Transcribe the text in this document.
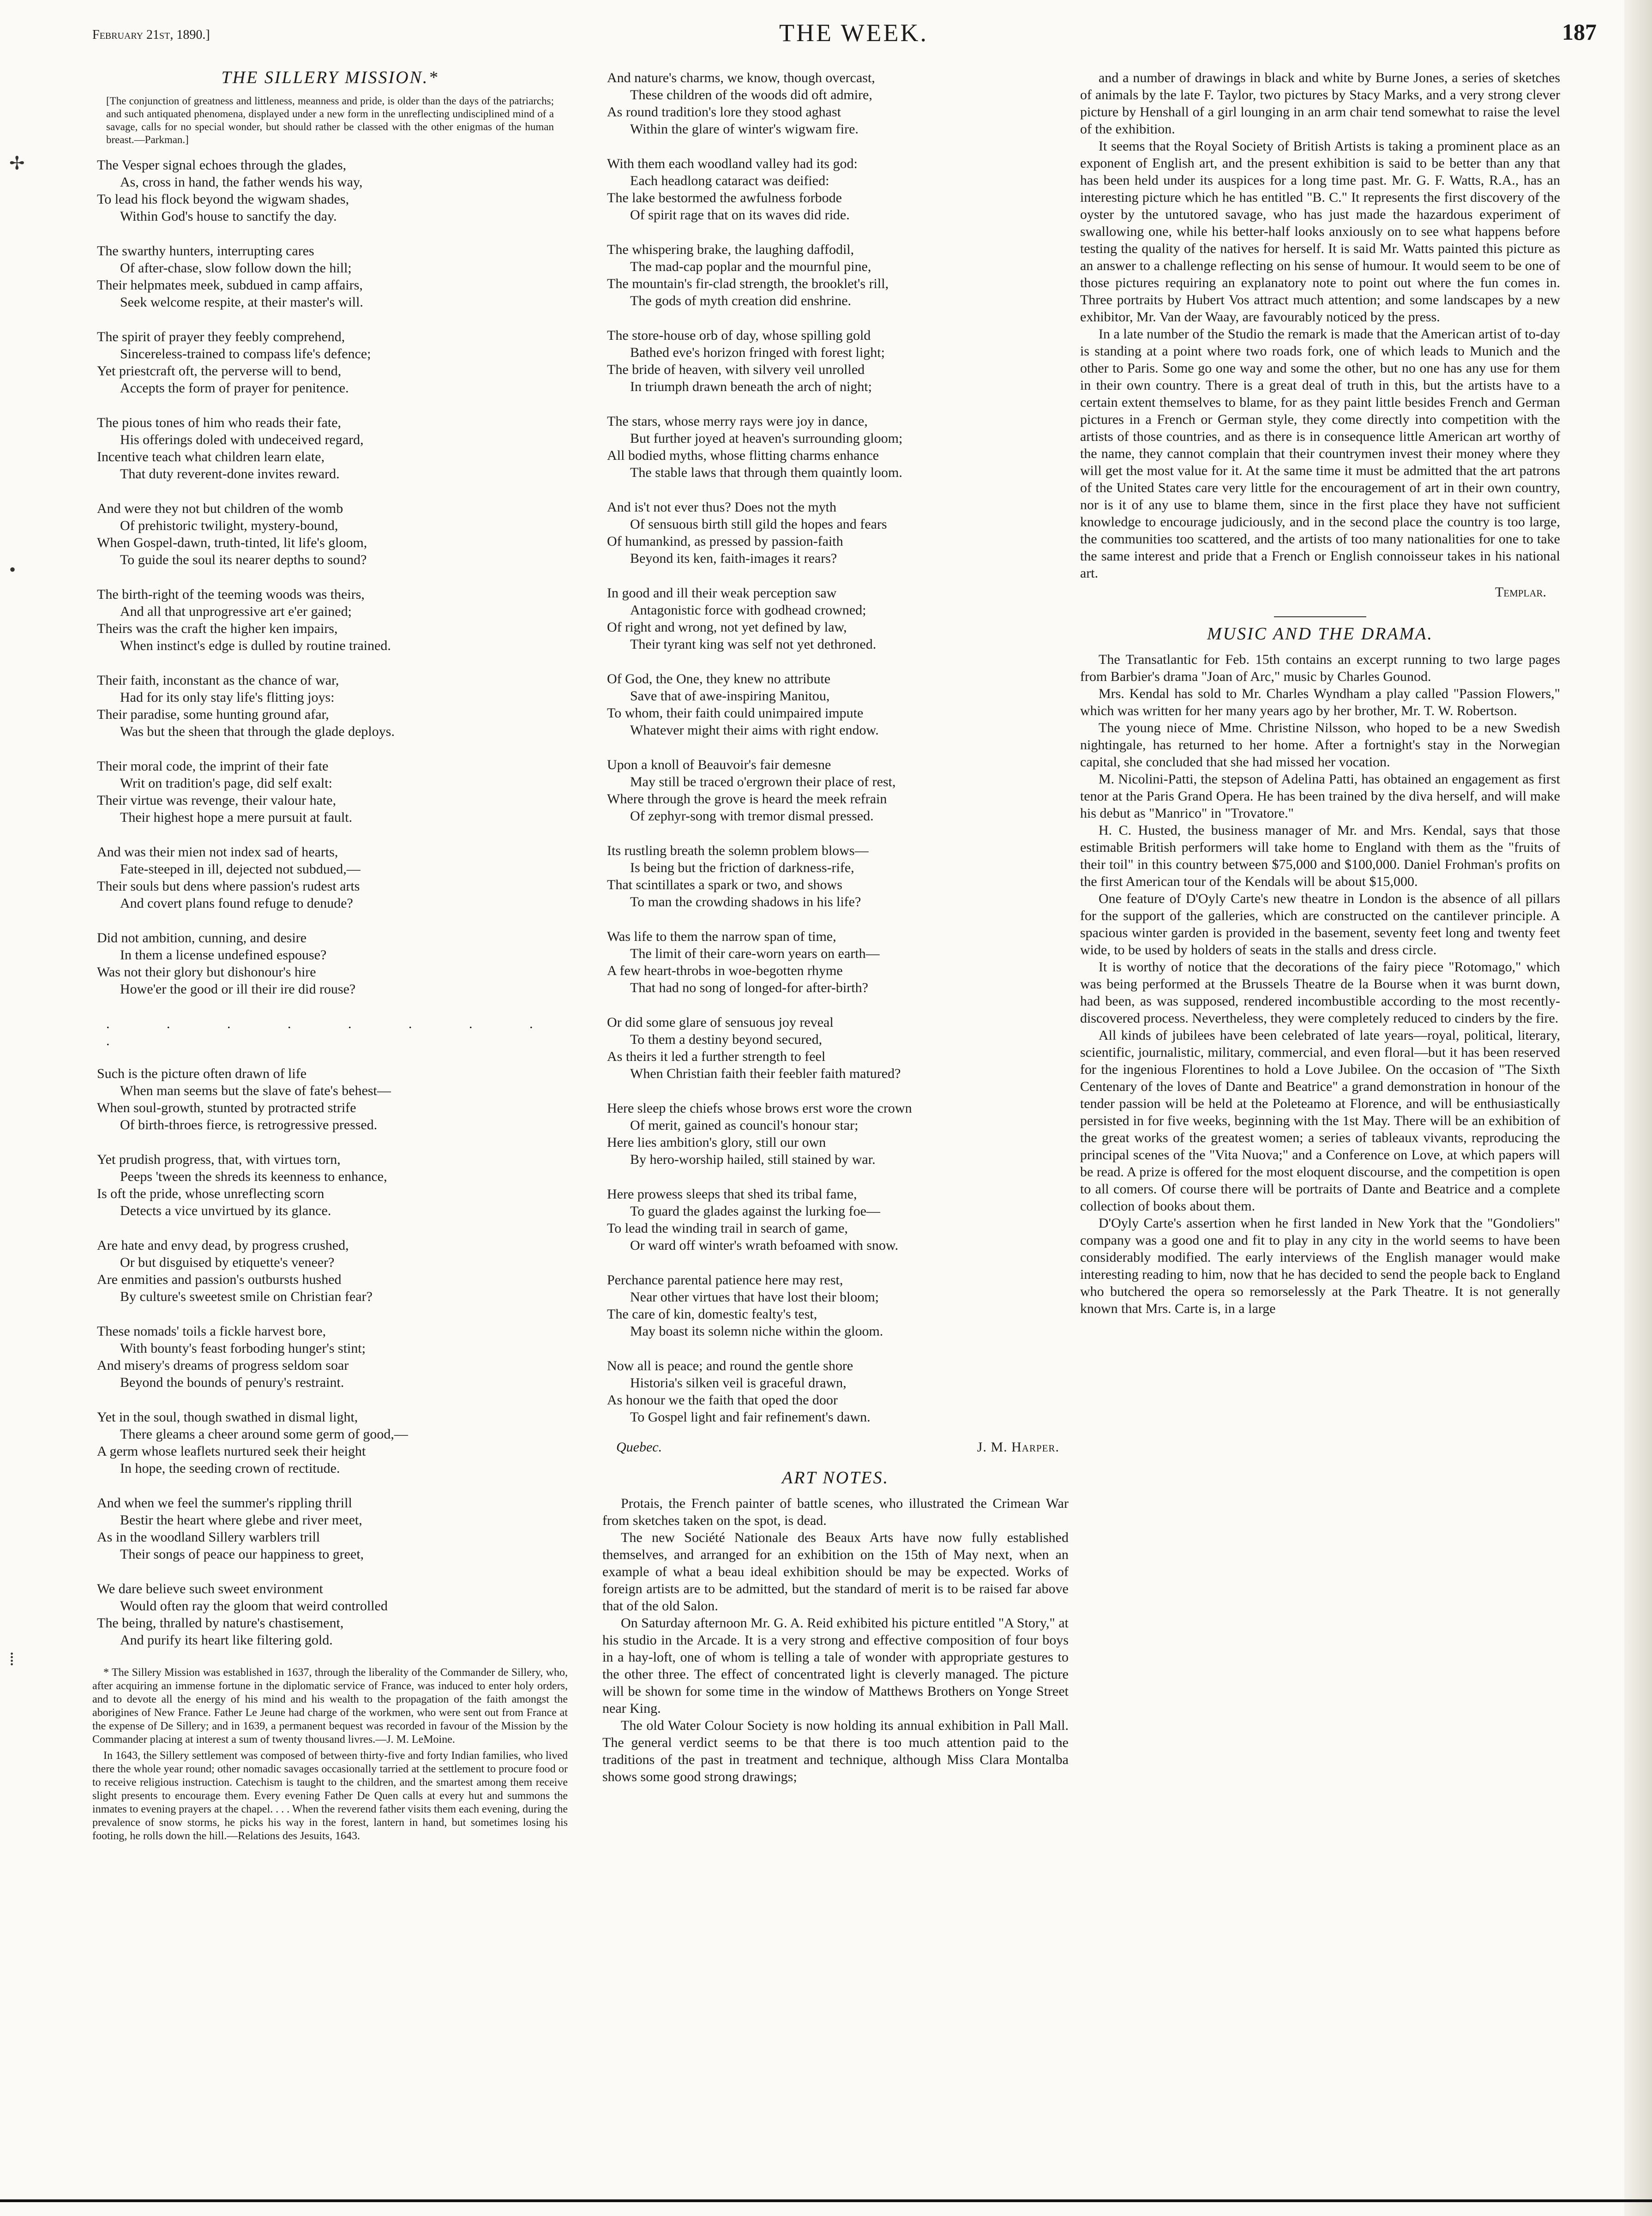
February 21st, 1890.]	THE WEEK.	187
✢
•
⁞
THE SILLERY MISSION.*
[The conjunction of greatness and littleness, meanness and pride, is older than the days of the patriarchs; and such antiquated phenomena, displayed under a new form in the unreflecting undisciplined mind of a savage, calls for no special wonder, but should rather be classed with the other enigmas of the human breast.—Parkman.]
The Vesper signal echoes through the glades,
As, cross in hand, the father wends his way,
To lead his flock beyond the wigwam shades,
Within God's house to sanctify the day.
The swarthy hunters, interrupting cares
Of after-chase, slow follow down the hill;
Their helpmates meek, subdued in camp affairs,
Seek welcome respite, at their master's will.
The spirit of prayer they feebly comprehend,
Sincereless-trained to compass life's defence;
Yet priestcraft oft, the perverse will to bend,
Accepts the form of prayer for penitence.
The pious tones of him who reads their fate,
His offerings doled with undeceived regard,
Incentive teach what children learn elate,
That duty reverent-done invites reward.
And were they not but children of the womb
Of prehistoric twilight, mystery-bound,
When Gospel-dawn, truth-tinted, lit life's gloom,
To guide the soul its nearer depths to sound?
The birth-right of the teeming woods was theirs,
And all that unprogressive art e'er gained;
Theirs was the craft the higher ken impairs,
When instinct's edge is dulled by routine trained.
Their faith, inconstant as the chance of war,
Had for its only stay life's flitting joys:
Their paradise, some hunting ground afar,
Was but the sheen that through the glade deploys.
Their moral code, the imprint of their fate
Writ on tradition's page, did self exalt:
Their virtue was revenge, their valour hate,
Their highest hope a mere pursuit at fault.
And was their mien not index sad of hearts,
Fate-steeped in ill, dejected not subdued,—
Their souls but dens where passion's rudest arts
And covert plans found refuge to denude?
Did not ambition, cunning, and desire
In them a license undefined espouse?
Was not their glory but dishonour's hire
Howe'er the good or ill their ire did rouse?
. . . . . . . . .
Such is the picture often drawn of life
When man seems but the slave of fate's behest—
When soul-growth, stunted by protracted strife
Of birth-throes fierce, is retrogressive pressed.
Yet prudish progress, that, with virtues torn,
Peeps 'tween the shreds its keenness to enhance,
Is oft the pride, whose unreflecting scorn
Detects a vice unvirtued by its glance.
Are hate and envy dead, by progress crushed,
Or but disguised by etiquette's veneer?
Are enmities and passion's outbursts hushed
By culture's sweetest smile on Christian fear?
These nomads' toils a fickle harvest bore,
With bounty's feast forboding hunger's stint;
And misery's dreams of progress seldom soar
Beyond the bounds of penury's restraint.
Yet in the soul, though swathed in dismal light,
There gleams a cheer around some germ of good,—
A germ whose leaflets nurtured seek their height
In hope, the seeding crown of rectitude.
And when we feel the summer's rippling thrill
Bestir the heart where glebe and river meet,
As in the woodland Sillery warblers trill
Their songs of peace our happiness to greet,
We dare believe such sweet environment
Would often ray the gloom that weird controlled
The being, thralled by nature's chastisement,
And purify its heart like filtering gold.

* The Sillery Mission was established in 1637, through the liberality of the Commander de Sillery, who, after acquiring an immense fortune in the diplomatic service of France, was induced to enter holy orders, and to devote all the energy of his mind and his wealth to the propagation of the faith amongst the aborigines of New France. Father Le Jeune had charge of the workmen, who were sent out from France at the expense of De Sillery; and in 1639, a permanent bequest was recorded in favour of the Mission by the Commander placing at interest a sum of twenty thousand livres.—J. M. LeMoine.

In 1643, the Sillery settlement was composed of between thirty-five and forty Indian families, who lived there the whole year round; other nomadic savages occasionally tarried at the settlement to procure food or to receive religious instruction. Catechism is taught to the children, and the smartest among them receive slight presents to encourage them. Every evening Father De Quen calls at every hut and summons the inmates to evening prayers at the chapel. . . . When the reverend father visits them each evening, during the prevalence of snow storms, he picks his way in the forest, lantern in hand, but sometimes losing his footing, he rolls down the hill.—Relations des Jesuits, 1643.

And nature's charms, we know, though overcast,
These children of the woods did oft admire,
As round tradition's lore they stood aghast
Within the glare of winter's wigwam fire.
With them each woodland valley had its god:
Each headlong cataract was deified:
The lake bestormed the awfulness forbode
Of spirit rage that on its waves did ride.
The whispering brake, the laughing daffodil,
The mad-cap poplar and the mournful pine,
The mountain's fir-clad strength, the brooklet's rill,
The gods of myth creation did enshrine.
The store-house orb of day, whose spilling gold
Bathed eve's horizon fringed with forest light;
The bride of heaven, with silvery veil unrolled
In triumph drawn beneath the arch of night;
The stars, whose merry rays were joy in dance,
But further joyed at heaven's surrounding gloom;
All bodied myths, whose flitting charms enhance
The stable laws that through them quaintly loom.
And is't not ever thus? Does not the myth
Of sensuous birth still gild the hopes and fears
Of humankind, as pressed by passion-faith
Beyond its ken, faith-images it rears?
In good and ill their weak perception saw
Antagonistic force with godhead crowned;
Of right and wrong, not yet defined by law,
Their tyrant king was self not yet dethroned.
Of God, the One, they knew no attribute
Save that of awe-inspiring Manitou,
To whom, their faith could unimpaired impute
Whatever might their aims with right endow.
Upon a knoll of Beauvoir's fair demesne
May still be traced o'ergrown their place of rest,
Where through the grove is heard the meek refrain
Of zephyr-song with tremor dismal pressed.
Its rustling breath the solemn problem blows—
Is being but the friction of darkness-rife,
That scintillates a spark or two, and shows
To man the crowding shadows in his life?
Was life to them the narrow span of time,
The limit of their care-worn years on earth—
A few heart-throbs in woe-begotten rhyme
That had no song of longed-for after-birth?
Or did some glare of sensuous joy reveal
To them a destiny beyond secured,
As theirs it led a further strength to feel
When Christian faith their feebler faith matured?
Here sleep the chiefs whose brows erst wore the crown
Of merit, gained as council's honour star;
Here lies ambition's glory, still our own
By hero-worship hailed, still stained by war.
Here prowess sleeps that shed its tribal fame,
To guard the glades against the lurking foe—
To lead the winding trail in search of game,
Or ward off winter's wrath befoamed with snow.
Perchance parental patience here may rest,
Near other virtues that have lost their bloom;
The care of kin, domestic fealty's test,
May boast its solemn niche within the gloom.
Now all is peace; and round the gentle shore
Historia's silken veil is graceful drawn,
As honour we the faith that oped the door
To Gospel light and fair refinement's dawn.
Quebec.	J. M. Harper.
ART NOTES.

Protais, the French painter of battle scenes, who illustrated the Crimean War from sketches taken on the spot, is dead.

The new Société Nationale des Beaux Arts have now fully established themselves, and arranged for an exhibition on the 15th of May next, when an example of what a beau ideal exhibition should be may be expected. Works of foreign artists are to be admitted, but the standard of merit is to be raised far above that of the old Salon.

On Saturday afternoon Mr. G. A. Reid exhibited his picture entitled "A Story," at his studio in the Arcade. It is a very strong and effective composition of four boys in a hay-loft, one of whom is telling a tale of wonder with appropriate gestures to the other three. The effect of concentrated light is cleverly managed. The picture will be shown for some time in the window of Matthews Brothers on Yonge Street near King.

The old Water Colour Society is now holding its annual exhibition in Pall Mall. The general verdict seems to be that there is too much attention paid to the traditions of the past in treatment and technique, although Miss Clara Montalba shows some good strong drawings;

and a number of drawings in black and white by Burne Jones, a series of sketches of animals by the late F. Taylor, two pictures by Stacy Marks, and a very strong clever picture by Henshall of a girl lounging in an arm chair tend somewhat to raise the level of the exhibition.

It seems that the Royal Society of British Artists is taking a prominent place as an exponent of English art, and the present exhibition is said to be better than any that has been held under its auspices for a long time past. Mr. G. F. Watts, R.A., has an interesting picture which he has entitled "B. C." It represents the first discovery of the oyster by the untutored savage, who has just made the hazardous experiment of swallowing one, while his better-half looks anxiously on to see what happens before testing the quality of the natives for herself. It is said Mr. Watts painted this picture as an answer to a challenge reflecting on his sense of humour. It would seem to be one of those pictures requiring an explanatory note to point out where the fun comes in. Three portraits by Hubert Vos attract much attention; and some landscapes by a new exhibitor, Mr. Van der Waay, are favourably noticed by the press.

In a late number of the Studio the remark is made that the American artist of to-day is standing at a point where two roads fork, one of which leads to Munich and the other to Paris. Some go one way and some the other, but no one has any use for them in their own country. There is a great deal of truth in this, but the artists have to a certain extent themselves to blame, for as they paint little besides French and German pictures in a French or German style, they come directly into competition with the artists of those countries, and as there is in consequence little American art worthy of the name, they cannot complain that their countrymen invest their money where they will get the most value for it. At the same time it must be admitted that the art patrons of the United States care very little for the encouragement of art in their own country, nor is it of any use to blame them, since in the first place they have not sufficient knowledge to encourage judiciously, and in the second place the country is too large, the communities too scattered, and the artists of too many nationalities for one to take the same interest and pride that a French or English connoisseur takes in his national art.

Templar.
MUSIC AND THE DRAMA.

The Transatlantic for Feb. 15th contains an excerpt running to two large pages from Barbier's drama "Joan of Arc," music by Charles Gounod.

Mrs. Kendal has sold to Mr. Charles Wyndham a play called "Passion Flowers," which was written for her many years ago by her brother, Mr. T. W. Robertson.

The young niece of Mme. Christine Nilsson, who hoped to be a new Swedish nightingale, has returned to her home. After a fortnight's stay in the Norwegian capital, she concluded that she had missed her vocation.

M. Nicolini-Patti, the stepson of Adelina Patti, has obtained an engagement as first tenor at the Paris Grand Opera. He has been trained by the diva herself, and will make his debut as "Manrico" in "Trovatore."

H. C. Husted, the business manager of Mr. and Mrs. Kendal, says that those estimable British performers will take home to England with them as the "fruits of their toil" in this country between $75,000 and $100,000. Daniel Frohman's profits on the first American tour of the Kendals will be about $15,000.

One feature of D'Oyly Carte's new theatre in London is the absence of all pillars for the support of the galleries, which are constructed on the cantilever principle. A spacious winter garden is provided in the basement, seventy feet long and twenty feet wide, to be used by holders of seats in the stalls and dress circle.

It is worthy of notice that the decorations of the fairy piece "Rotomago," which was being performed at the Brussels Theatre de la Bourse when it was burnt down, had been, as was supposed, rendered incombustible according to the most recently-discovered process. Nevertheless, they were completely reduced to cinders by the fire.

All kinds of jubilees have been celebrated of late years—royal, political, literary, scientific, journalistic, military, commercial, and even floral—but it has been reserved for the ingenious Florentines to hold a Love Jubilee. On the occasion of "The Sixth Centenary of the loves of Dante and Beatrice" a grand demonstration in honour of the tender passion will be held at the Poleteamo at Florence, and will be enthusiastically persisted in for five weeks, beginning with the 1st May. There will be an exhibition of the great works of the greatest women; a series of tableaux vivants, reproducing the principal scenes of the "Vita Nuova;" and a Conference on Love, at which papers will be read. A prize is offered for the most eloquent discourse, and the competition is open to all comers. Of course there will be portraits of Dante and Beatrice and a complete collection of books about them.

D'Oyly Carte's assertion when he first landed in New York that the "Gondoliers" company was a good one and fit to play in any city in the world seems to have been considerably modified. The early interviews of the English manager would make interesting reading to him, now that he has decided to send the people back to England who butchered the opera so remorselessly at the Park Theatre. It is not generally known that Mrs. Carte is, in a large
